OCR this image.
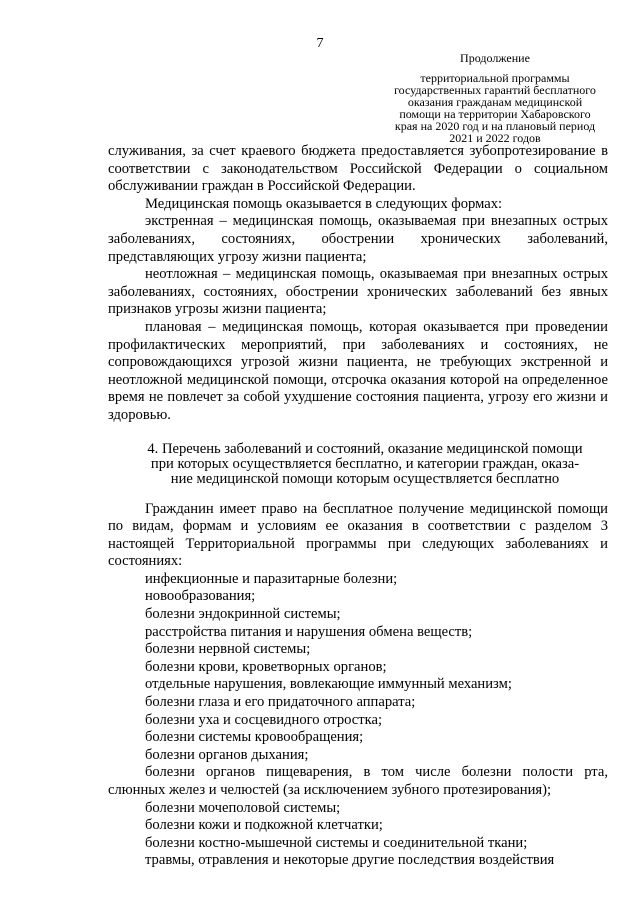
7
Продолжение
территориальной программы
государственных гарантий бесплатного
оказания гражданам медицинской
помощи на территории Хабаровского
края на 2020 год и на плановый период
2021 и 2022 годов

служивания, за счет краевого бюджета предоставляется зубопротезирование в соответствии с законодательством Российской Федерации о социальном обслуживании граждан в Российской Федерации.

Медицинская помощь оказывается в следующих формах:

экстренная – медицинская помощь, оказываемая при внезапных острых заболеваниях, состояниях, обострении хронических заболеваний, представляющих угрозу жизни пациента;

неотложная – медицинская помощь, оказываемая при внезапных острых заболеваниях, состояниях, обострении хронических заболеваний без явных признаков угрозы жизни пациента;

плановая – медицинская помощь, которая оказывается при проведении профилактических мероприятий, при заболеваниях и состояниях, не сопровождающихся угрозой жизни пациента, не требующих экстренной и неотложной медицинской помощи, отсрочка оказания которой на определенное время не повлечет за собой ухудшение состояния пациента, угрозу его жизни и здоровью.

4. Перечень заболеваний и состояний, оказание медицинской помощи
при которых осуществляется бесплатно, и категории граждан, оказа-
ние медицинской помощи которым осуществляется бесплатно

Гражданин имеет право на бесплатное получение медицинской помощи по видам, формам и условиям ее оказания в соответствии с разделом 3 настоящей Территориальной программы при следующих заболеваниях и состояниях:

инфекционные и паразитарные болезни;
новообразования;
болезни эндокринной системы;
расстройства питания и нарушения обмена веществ;
болезни нервной системы;
болезни крови, кроветворных органов;
отдельные нарушения, вовлекающие иммунный механизм;
болезни глаза и его придаточного аппарата;
болезни уха и сосцевидного отростка;
болезни системы кровообращения;
болезни органов дыхания;
болезни органов пищеварения, в том числе болезни полости рта, слюнных желез и челюстей (за исключением зубного протезирования);
болезни мочеполовой системы;
болезни кожи и подкожной клетчатки;
болезни костно-мышечной системы и соединительной ткани;
травмы, отравления и некоторые другие последствия воздействия
